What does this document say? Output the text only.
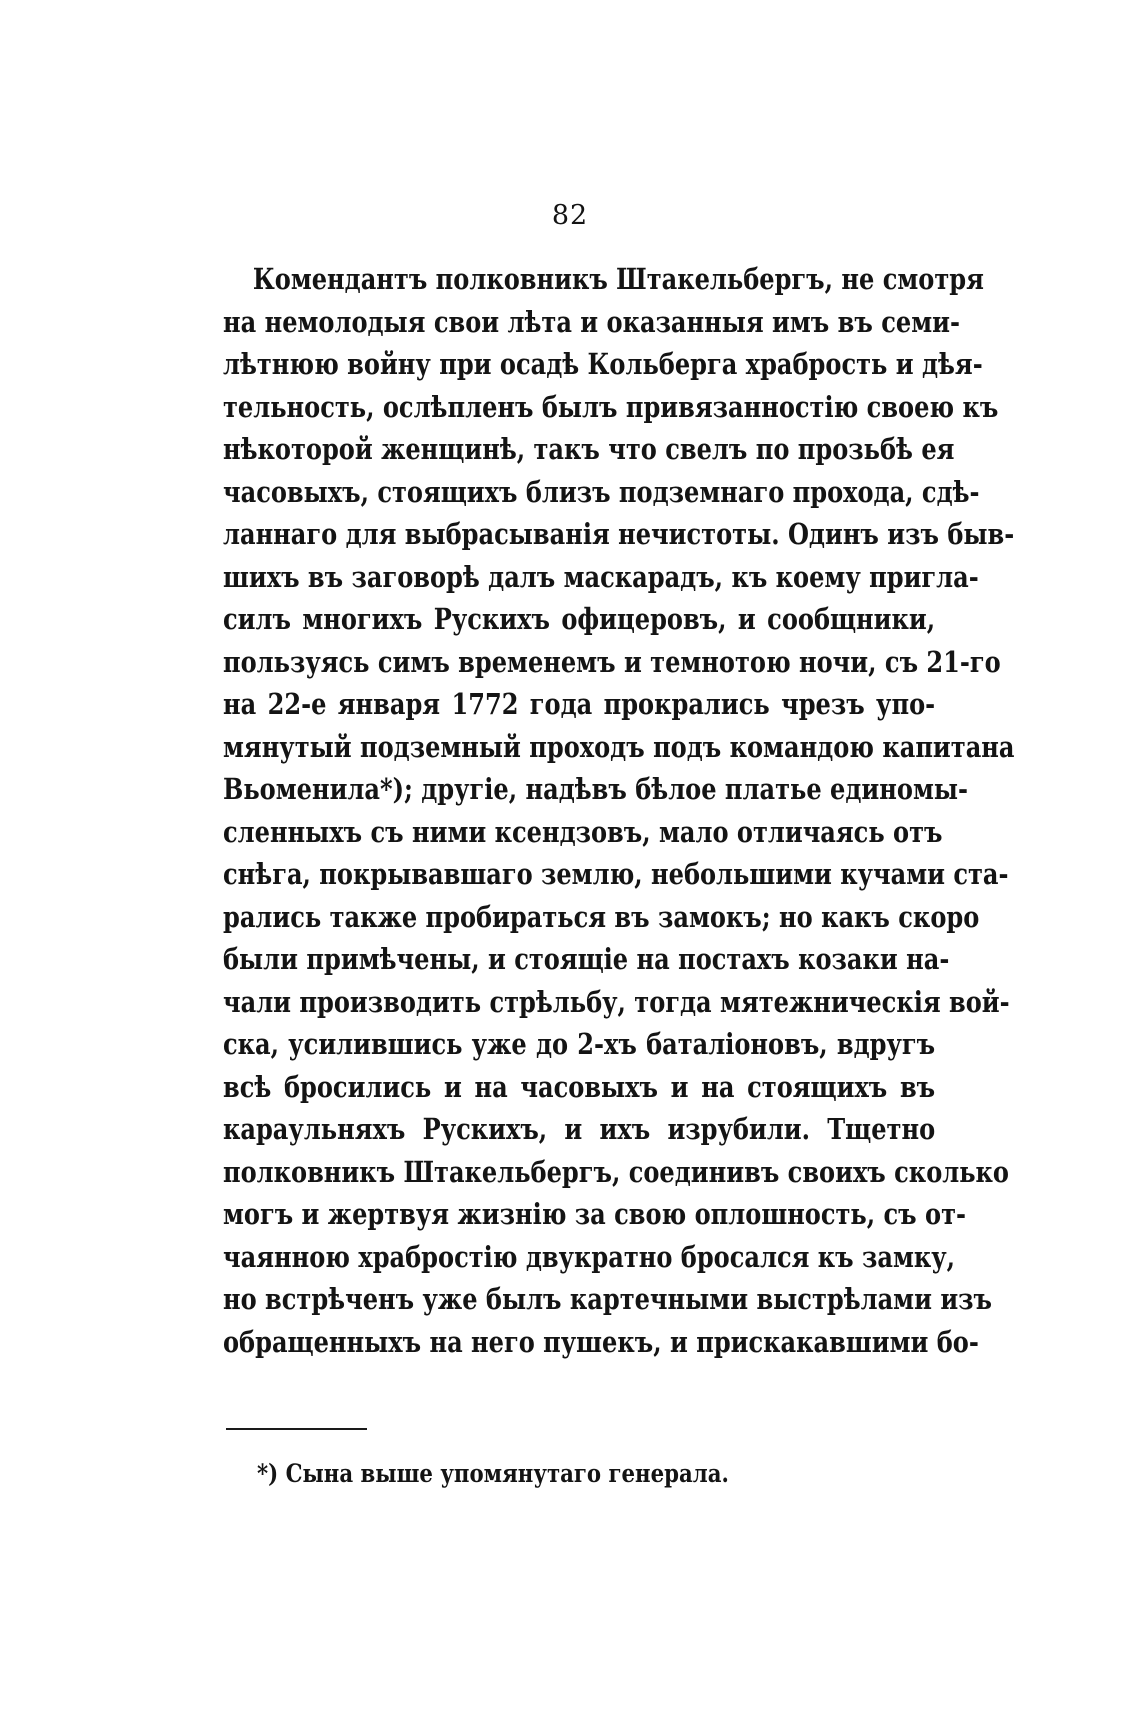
82
Комендантъ полковникъ Штакельбергъ, не смотря
на немолодыя свои лѣта и оказанныя имъ въ семи-
лѣтнюю войну при осадѣ Кольберга храбрость и дѣя-
тельность, ослѣпленъ былъ привязанностію своею къ
нѣкоторой женщинѣ, такъ что свелъ по прозьбѣ ея
часовыхъ, стоящихъ близъ подземнаго прохода, сдѣ-
ланнаго для выбрасыванія нечистоты. Одинъ изъ быв-
шихъ въ заговорѣ далъ маскарадъ, къ коему пригла-
силъ многихъ Рускихъ офицеровъ, и сообщники,
пользуясь симъ временемъ и темнотою ночи, съ 21-го
на 22-е января 1772 года прокрались чрезъ упо-
мянутый подземный проходъ подъ командою капитана
Вьоменила*); другіе, надѣвъ бѣлое платье единомы-
сленныхъ съ ними ксендзовъ, мало отличаясь отъ
снѣга, покрывавшаго землю, небольшими кучами ста-
рались также пробираться въ замокъ; но какъ скоро
были примѣчены, и стоящіе на постахъ козаки на-
чали производить стрѣльбу, тогда мятежническія вой-
ска, усилившись уже до 2-хъ баталіоновъ, вдругъ
всѣ бросились и на часовыхъ и на стоящихъ въ
караульняхъ Рускихъ, и ихъ изрубили. Тщетно
полковникъ Штакельбергъ, соединивъ своихъ сколько
могъ и жертвуя жизнію за свою оплошность, съ от-
чаянною храбростію двукратно бросался къ замку,
но встрѣченъ уже былъ картечными выстрѣлами изъ
обращенныхъ на него пушекъ, и прискакавшими бо-
*) Сына выше упомянутаго генерала.
